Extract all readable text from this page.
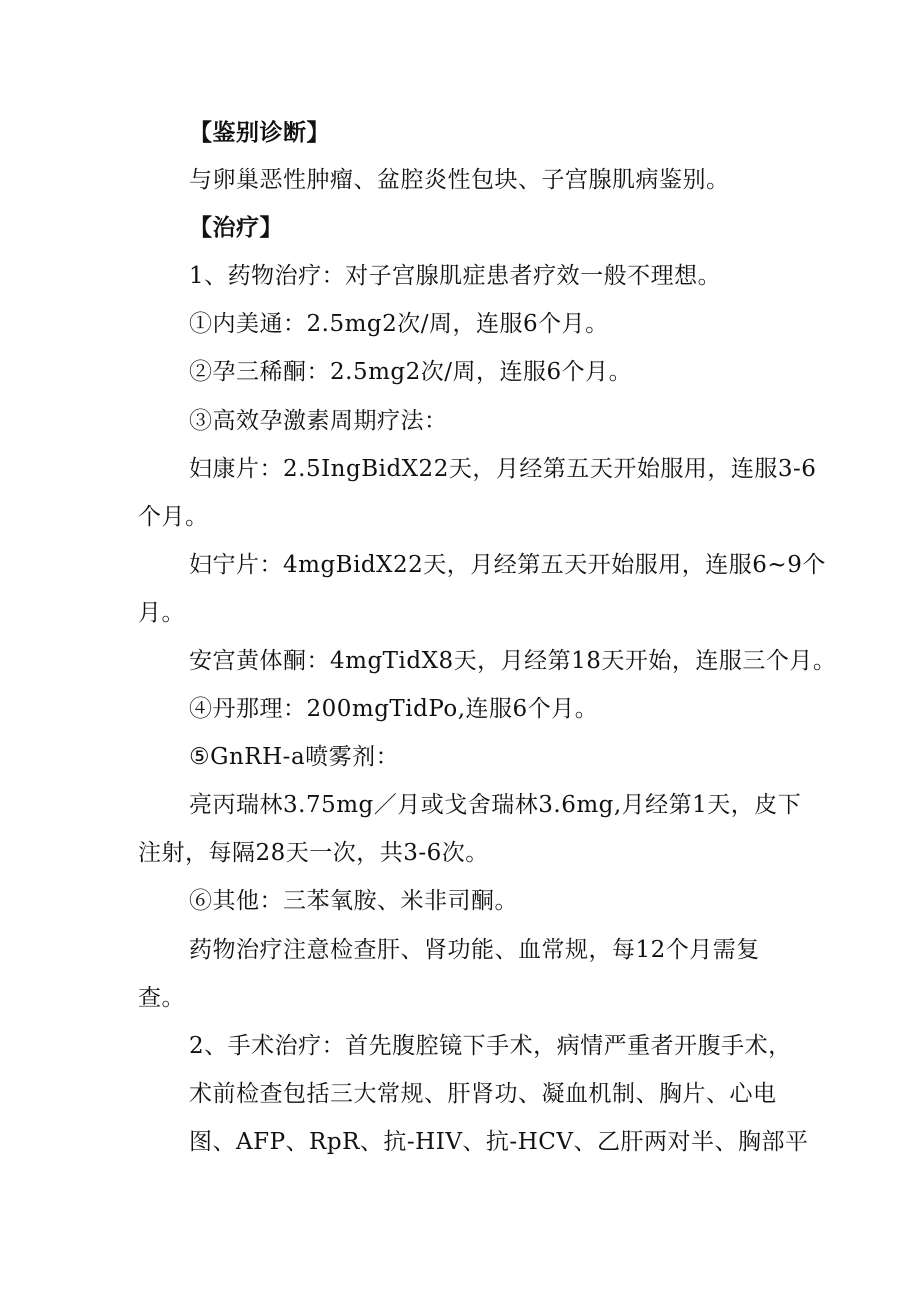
【鉴别诊断】
与卵巢恶性肿瘤、盆腔炎性包块、子宫腺肌病鉴别。
【治疗】
1、药物治疗：对子宫腺肌症患者疗效一般不理想。
①内美通：2.5mg2次/周，连服6个月。
②孕三稀酮：2.5mg2次/周，连服6个月。
③高效孕激素周期疗法：
妇康片：2.5IngBidX22天，月经第五天开始服用，连服3-6
个月。
妇宁片：4mgBidX22天，月经第五天开始服用，连服6~9个
月。
安宫黄体酮：4mgTidX8天，月经第18天开始，连服三个月。
④丹那理：200mgTidPo,连服6个月。
⑤GnRH-a喷雾剂：
亮丙瑞林3.75mg／月或戈舍瑞林3.6mg,月经第1天，皮下
注射，每隔28天一次，共3-6次。
⑥其他：三苯氧胺、米非司酮。
药物治疗注意检查肝、肾功能、血常规，每12个月需复
查。
2、手术治疗：首先腹腔镜下手术，病情严重者开腹手术，
术前检查包括三大常规、肝肾功、凝血机制、胸片、心电
图、AFP、RpR、抗-HIV、抗-HCV、乙肝两对半、胸部平
